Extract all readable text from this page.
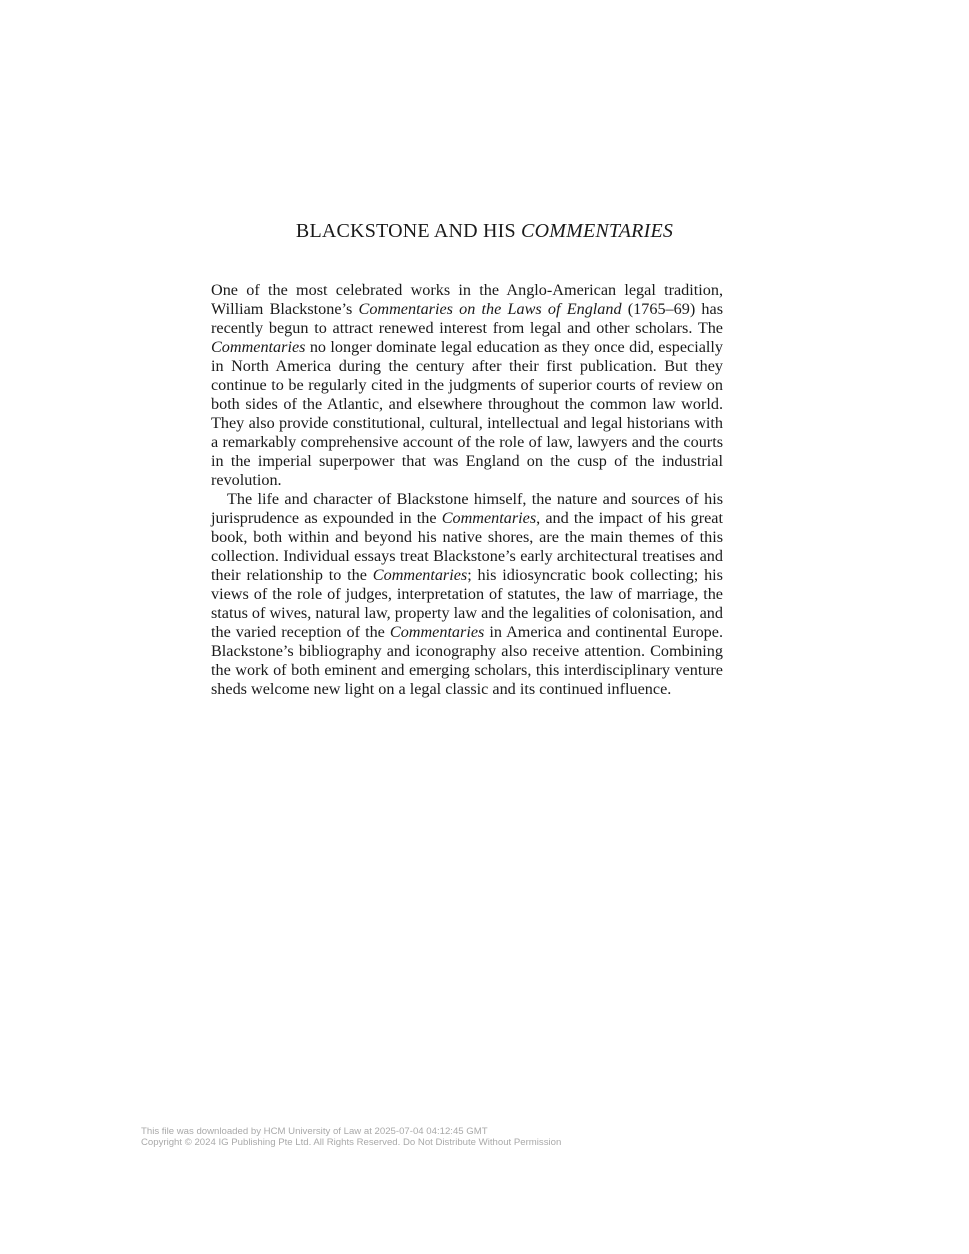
BLACKSTONE AND HIS COMMENTARIES

One of the most celebrated works in the Anglo-American legal tradition, William Blackstone’s Commentaries on the Laws of England (1765–69) has recently begun to attract renewed interest from legal and other scholars. The Commentaries no longer dominate legal education as they once did, especially in North America during the century after their first publication. But they continue to be regularly cited in the judgments of superior courts of review on both sides of the Atlantic, and elsewhere throughout the common law world. They also provide constitutional, cultural, intellectual and legal historians with a remarkably comprehensive account of the role of law, lawyers and the courts in the imperial superpower that was England on the cusp of the industrial revolution.

The life and character of Blackstone himself, the nature and sources of his jurisprudence as expounded in the Commentaries, and the impact of his great book, both within and beyond his native shores, are the main themes of this collection. Individual essays treat Blackstone’s early architectural treatises and their relationship to the Commentaries; his idiosyncratic book collecting; his views of the role of judges, interpretation of statutes, the law of marriage, the status of wives, natural law, property law and the legalities of colonisation, and the varied reception of the Commentaries in America and continental Europe. Blackstone’s bibliography and iconography also receive attention. Combining the work of both eminent and emerging scholars, this interdisciplinary venture sheds welcome new light on a legal classic and its continued influence.

This file was downloaded by HCM University of Law at 2025-07-04 04:12:45 GMT
Copyright © 2024 IG Publishing Pte Ltd. All Rights Reserved. Do Not Distribute Without Permission
